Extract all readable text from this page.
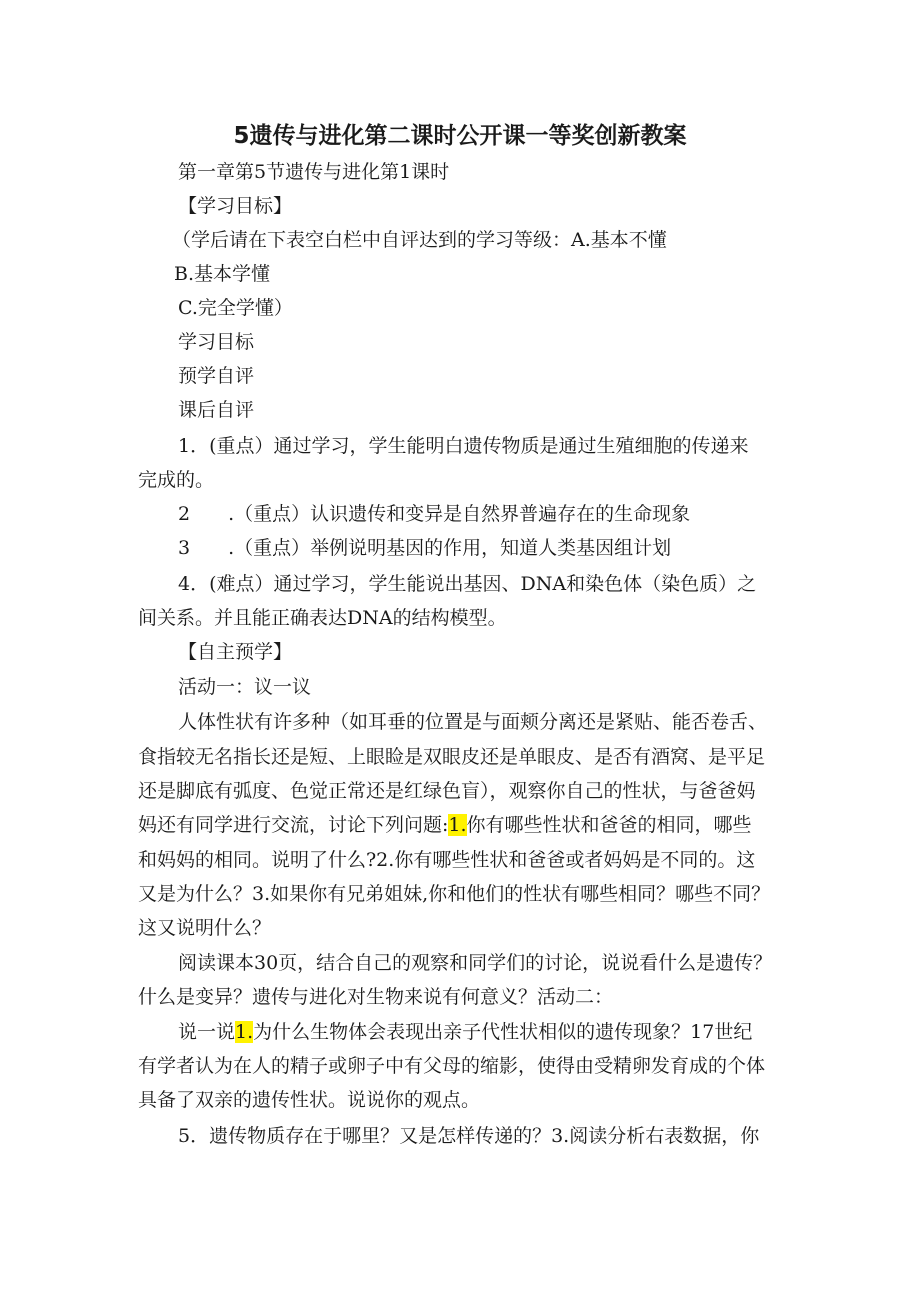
5遗传与进化第二课时公开课一等奖创新教案

第一章第5节遗传与进化第1课时

【学习目标】

（学后请在下表空白栏中自评达到的学习等级：A.基本不懂

B.基本学懂

C.完全学懂）

学习目标

预学自评

课后自评

1．(重点）通过学习，学生能明白遗传物质是通过生殖细胞的传递来

完成的。

2　　.（重点）认识遗传和变异是自然界普遍存在的生命现象

3　　.（重点）举例说明基因的作用，知道人类基因组计划

4．(难点）通过学习，学生能说出基因、DNA和染色体（染色质）之

间关系。并且能正确表达DNA的结构模型。

【自主预学】

活动一：议一议

人体性状有许多种（如耳垂的位置是与面颊分离还是紧贴、能否卷舌、

食指较无名指长还是短、上眼睑是双眼皮还是单眼皮、是否有酒窝、是平足

还是脚底有弧度、色觉正常还是红绿色盲），观察你自己的性状，与爸爸妈

妈还有同学进行交流，讨论下列问题:1.你有哪些性状和爸爸的相同，哪些

和妈妈的相同。说明了什么?2.你有哪些性状和爸爸或者妈妈是不同的。这

又是为什么？3.如果你有兄弟姐妹,你和他们的性状有哪些相同？哪些不同？

这又说明什么？

阅读课本30页，结合自己的观察和同学们的讨论，说说看什么是遗传？

什么是变异？遗传与进化对生物来说有何意义？活动二：

说一说1.为什么生物体会表现出亲子代性状相似的遗传现象？17世纪

有学者认为在人的精子或卵子中有父母的缩影，使得由受精卵发育成的个体

具备了双亲的遗传性状。说说你的观点。

5．遗传物质存在于哪里？又是怎样传递的？3.阅读分析右表数据，你
